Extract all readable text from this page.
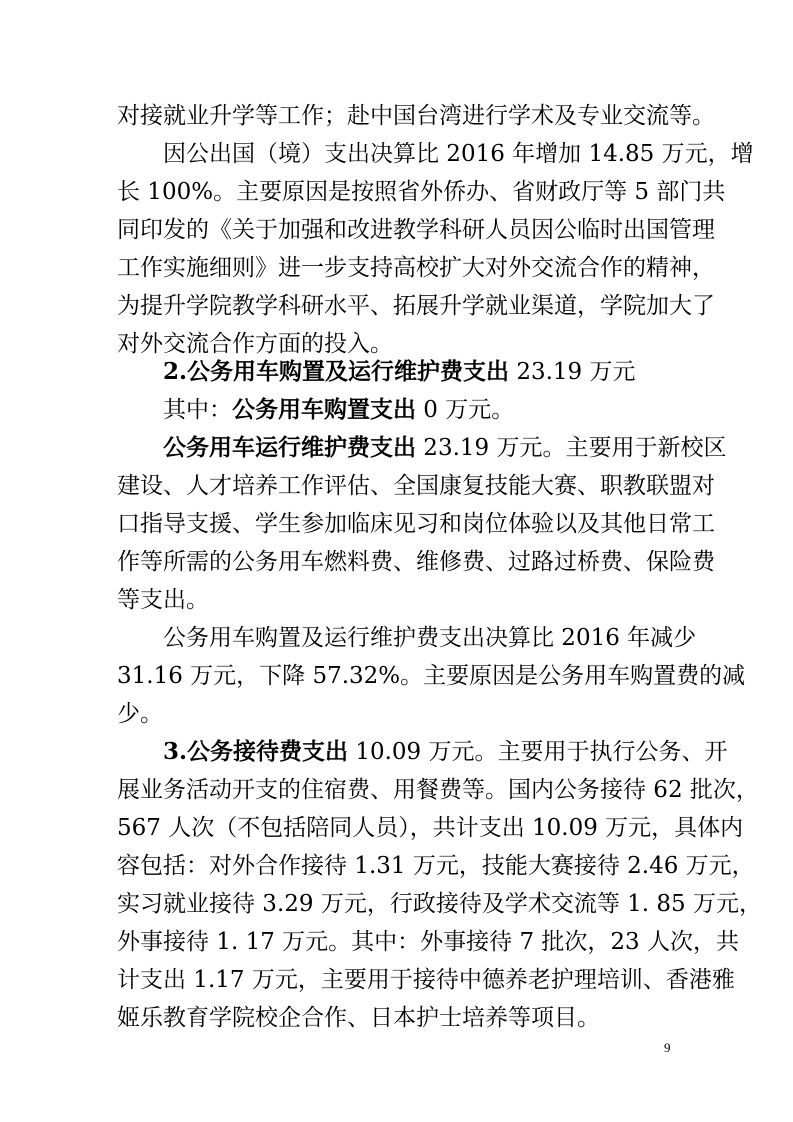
对接就业升学等工作；赴中国台湾进行学术及专业交流等。
因公出国（境）支出决算比 2016 年增加 14.85 万元，增
长 100%。主要原因是按照省外侨办、省财政厅等 5 部门共
同印发的《关于加强和改进教学科研人员因公临时出国管理
工作实施细则》进一步支持高校扩大对外交流合作的精神，
为提升学院教学科研水平、拓展升学就业渠道，学院加大了
对外交流合作方面的投入。
2.公务用车购置及运行维护费支出 23.19 万元
其中：公务用车购置支出 0 万元。
公务用车运行维护费支出 23.19 万元。主要用于新校区
建设、人才培养工作评估、全国康复技能大赛、职教联盟对
口指导支援、学生参加临床见习和岗位体验以及其他日常工
作等所需的公务用车燃料费、维修费、过路过桥费、保险费
等支出。
公务用车购置及运行维护费支出决算比 2016 年减少
31.16 万元，下降 57.32%。主要原因是公务用车购置费的减
少。
3.公务接待费支出 10.09 万元。主要用于执行公务、开
展业务活动开支的住宿费、用餐费等。国内公务接待 62 批次，
567 人次（不包括陪同人员），共计支出 10.09 万元，具体内
容包括：对外合作接待 1.31 万元，技能大赛接待 2.46 万元，
实习就业接待 3.29 万元，行政接待及学术交流等 1. 85 万元，
外事接待 1. 17 万元。其中：外事接待 7 批次，23 人次，共
计支出 1.17 万元，主要用于接待中德养老护理培训、香港雅
姬乐教育学院校企合作、日本护士培养等项目。
9
